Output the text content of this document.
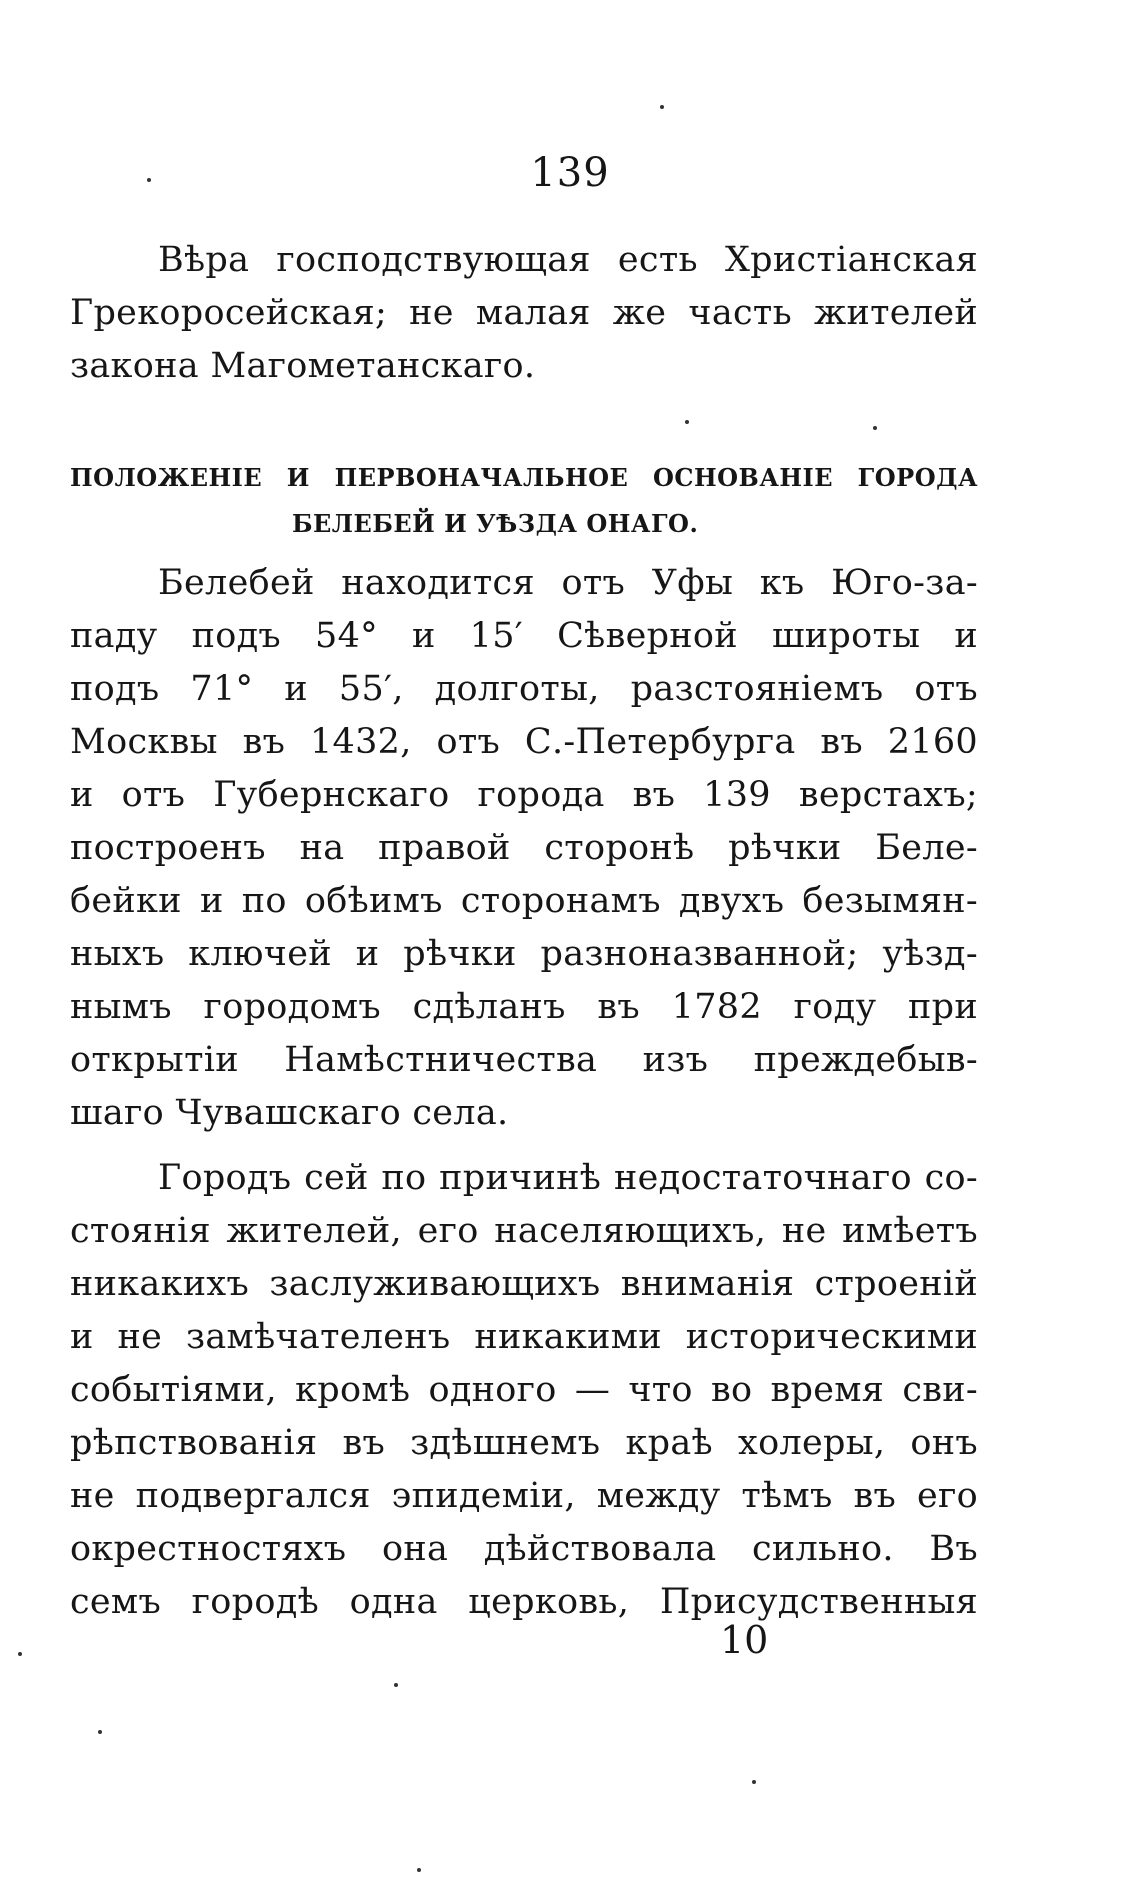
139
Вѣра господствующая есть Христiанская
Грекоросейская; не малая же часть жителей
закона Магометанскаго.
ПОЛОЖЕНIЕ И ПЕРВОНАЧАЛЬНОЕ ОСНОВАНIЕ ГОРОДА
БЕЛЕБЕЙ И УѢЗДА ОНАГО.
Белебей находится отъ Уфы къ Юго-за-
паду подъ 54° и 15′ Сѣверной широты и
подъ 71° и 55′, долготы, разстоянiемъ отъ
Москвы въ 1432, отъ С.-Петербурга въ 2160
и отъ Губернскаго города въ 139 верстахъ;
построенъ на правой сторонѣ рѣчки Беле-
бейки и по обѣимъ сторонамъ двухъ безымян-
ныхъ ключей и рѣчки разноназванной; уѣзд-
нымъ городомъ сдѣланъ въ 1782 году при
открытiи Намѣстничества изъ преждебыв-
шаго Чувашскаго села.
Городъ сей по причинѣ недостаточнаго со-
стоянiя жителей, его населяющихъ, не имѣетъ
никакихъ заслуживающихъ вниманiя строенiй
и не замѣчателенъ никакими историческими
событiями, кромѣ одного — что во время сви-
рѣпствованiя въ здѣшнемъ краѣ холеры, онъ
не подвергался эпидемiи, между тѣмъ въ его
окрестностяхъ она дѣйствовала сильно. Въ
семъ городѣ одна церковь, Присудственныя
10
